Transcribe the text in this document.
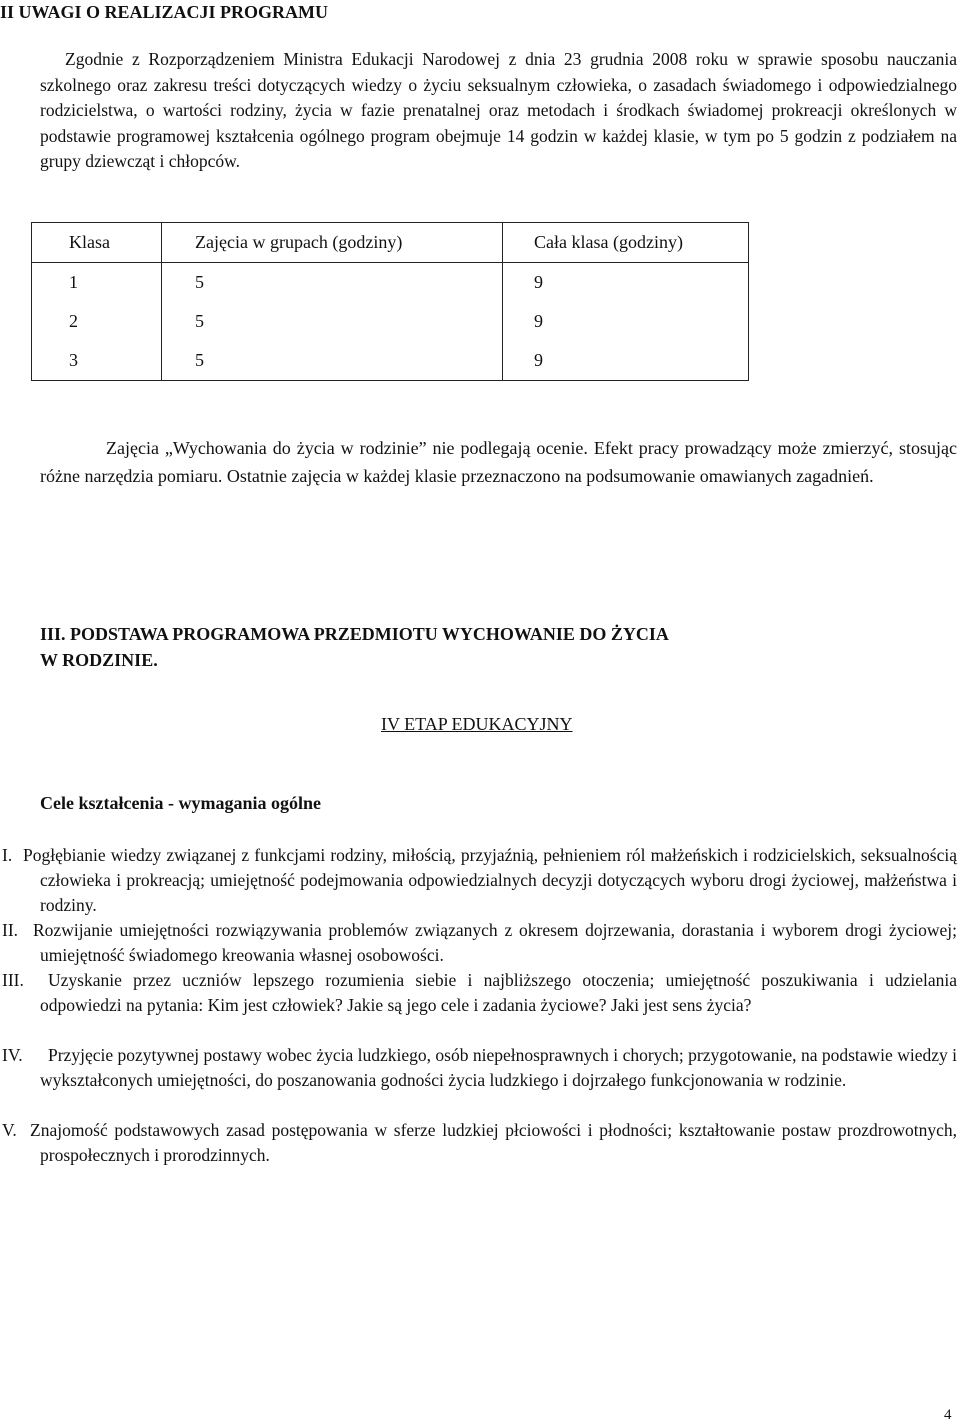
II UWAGI O REALIZACJI PROGRAMU
Zgodnie z Rozporządzeniem Ministra Edukacji Narodowej z dnia 23 grudnia 2008 roku w sprawie sposobu nauczania szkolnego oraz zakresu treści dotyczących wiedzy o życiu seksualnym człowieka, o zasadach świadomego i odpowiedzialnego rodzicielstwa, o wartości rodziny, życia w fazie prenatalnej oraz metodach i środkach świadomej prokreacji określonych w podstawie programowej kształcenia ogólnego program obejmuje 14 godzin w każdej klasie, w tym po 5 godzin z podziałem na grupy dziewcząt i chłopców.
Klasa	Zajęcia w grupach (godziny)	Cała klasa (godziny)
1	5	9
2	5	9
3	5	9
Zajęcia „Wychowania do życia w rodzinie” nie podlegają ocenie. Efekt pracy prowadzący może zmierzyć, stosując różne narzędzia pomiaru. Ostatnie zajęcia w każdej klasie przeznaczono na podsumowanie omawianych zagadnień.
III. PODSTAWA PROGRAMOWA PRZEDMIOTU WYCHOWANIE DO ŻYCIA
W RODZINIE.
IV ETAP EDUKACYJNY
Cele kształcenia - wymagania ogólne
I. Pogłębianie wiedzy związanej z funkcjami rodziny, miłością, przyjaźnią, pełnieniem ról małżeńskich i rodzicielskich, seksualnością człowieka i prokreacją; umiejętność podejmowania odpowiedzialnych decyzji dotyczących wyboru drogi życiowej, małżeństwa i rodziny.
II. Rozwijanie umiejętności rozwiązywania problemów związanych z okresem dojrzewania, dorastania i wyborem drogi życiowej; umiejętność świadomego kreowania własnej osobowości.
III.	Uzyskanie przez uczniów lepszego rozumienia siebie i najbliższego otoczenia; umiejętność poszukiwania i udzielania odpowiedzi na pytania: Kim jest człowiek? Jakie są jego cele i zadania życiowe? Jaki jest sens życia?
IV.	Przyjęcie pozytywnej postawy wobec życia ludzkiego, osób niepełnosprawnych i chorych; przygotowanie, na podstawie wiedzy i wykształconych umiejętności, do poszanowania godności życia ludzkiego i dojrzałego funkcjonowania w rodzinie.
V. Znajomość podstawowych zasad postępowania w sferze ludzkiej płciowości i płodności; kształtowanie postaw prozdrowotnych, prospołecznych i prorodzinnych.
4
